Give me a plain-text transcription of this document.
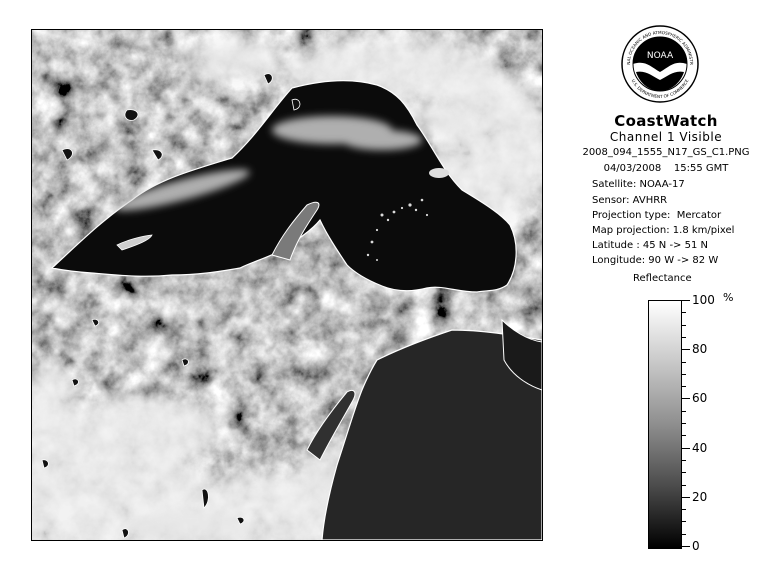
NOAA
NAL OCEANIC AND ATMOSPHERIC ADMINISTR
U.S. DEPARTMENT OF COMMERCE
CoastWatch
Channel 1 Visible
2008_094_1555_N17_GS_C1.PNG
04/03/2008    15:55 GMT
Satellite: NOAA-17
Sensor: AVHRR
Projection type:  Mercator
Map projection: 1.8 km/pixel
Latitude : 45 N -> 51 N
Longitude: 90 W -> 82 W
Reflectance
%
100
80
60
40
20
0
